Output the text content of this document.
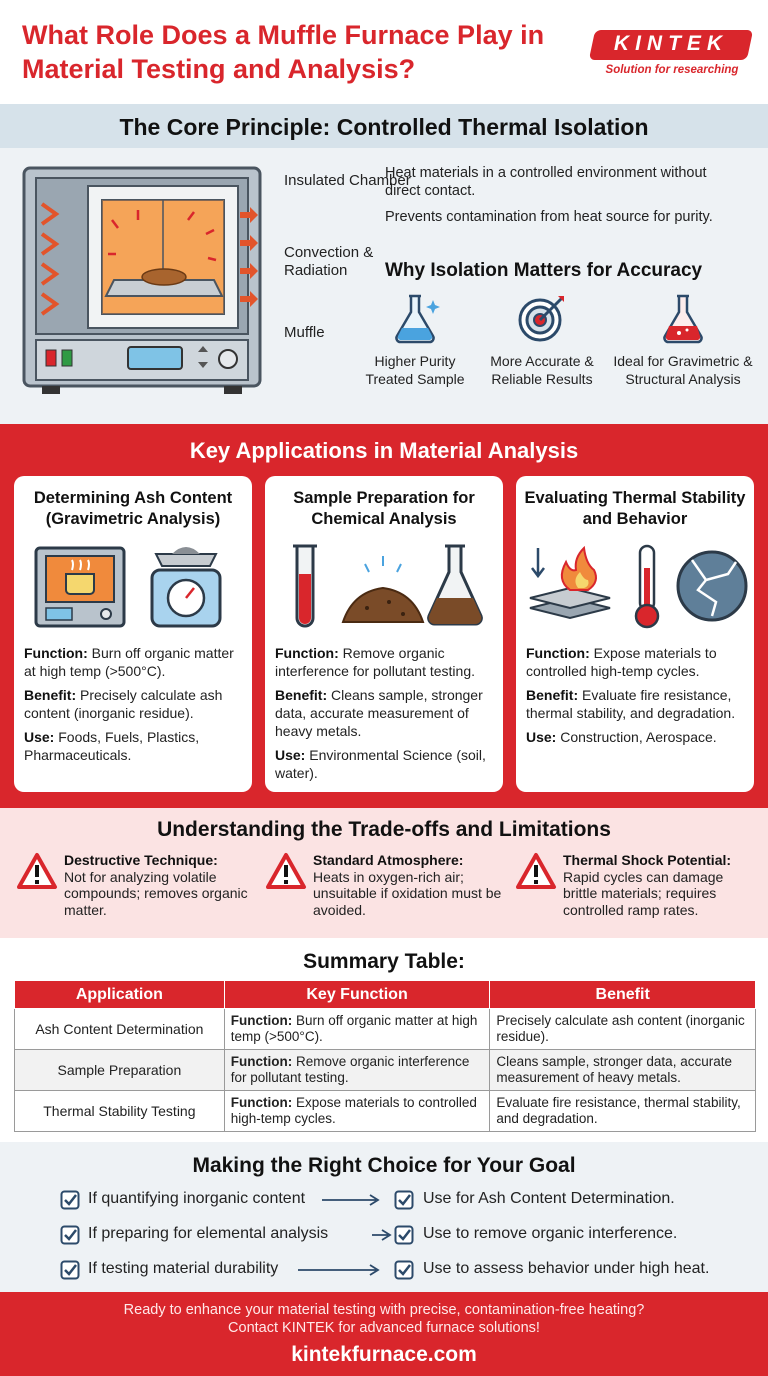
What Role Does a Muffle Furnace Play in Material Testing and Analysis?
KINTEK
Solution for researching
The Core Principle: Controlled Thermal Isolation
Insulated Chamber
Convection & Radiation
Muffle
Heat materials in a controlled environment without direct contact.
Prevents contamination from heat source for purity.
Why Isolation Matters for Accuracy
Higher Purity Treated Sample
More Accurate & Reliable Results
Ideal for Gravimetric & Structural Analysis
Key Applications in Material Analysis
Determining Ash Content (Gravimetric Analysis)

Function: Burn off organic matter at high temp (>500°C).

Benefit: Precisely calculate ash content (inorganic residue).

Use: Foods, Fuels, Plastics, Pharmaceuticals.

Sample Preparation for Chemical Analysis

Function: Remove organic interference for pollutant testing.

Benefit: Cleans sample, stronger data, accurate measurement of heavy metals.

Use: Environmental Science (soil, water).

Evaluating Thermal Stability and Behavior

Function: Expose materials to controlled high-temp cycles.

Benefit: Evaluate fire resistance, thermal stability, and degradation.

Use: Construction, Aerospace.

Understanding the Trade-offs and Limitations
Destructive Technique:
Not for analyzing volatile compounds; removes organic matter.
Standard Atmosphere:
Heats in oxygen-rich air; unsuitable if oxidation must be avoided.
Thermal Shock Potential:
Rapid cycles can damage brittle materials; requires controlled ramp rates.
Summary Table:
Application	Key Function	Benefit
Ash Content Determination	Function: Burn off organic matter at high temp (>500°C).	Precisely calculate ash content (inorganic residue).
Sample Preparation	Function: Remove organic interference for pollutant testing.	Cleans sample, stronger data, accurate measurement of heavy metals.
Thermal Stability Testing	Function: Expose materials to controlled high-temp cycles.	Evaluate fire resistance, thermal stability, and degradation.
Making the Right Choice for Your Goal
If quantifying inorganic content	Use for Ash Content Determination.
If preparing for elemental analysis	Use to remove organic interference.
If testing material durability	Use to assess behavior under high heat.
Ready to enhance your material testing with precise, contamination-free heating?
Contact KINTEK for advanced furnace solutions!
kintekfurnace.com
